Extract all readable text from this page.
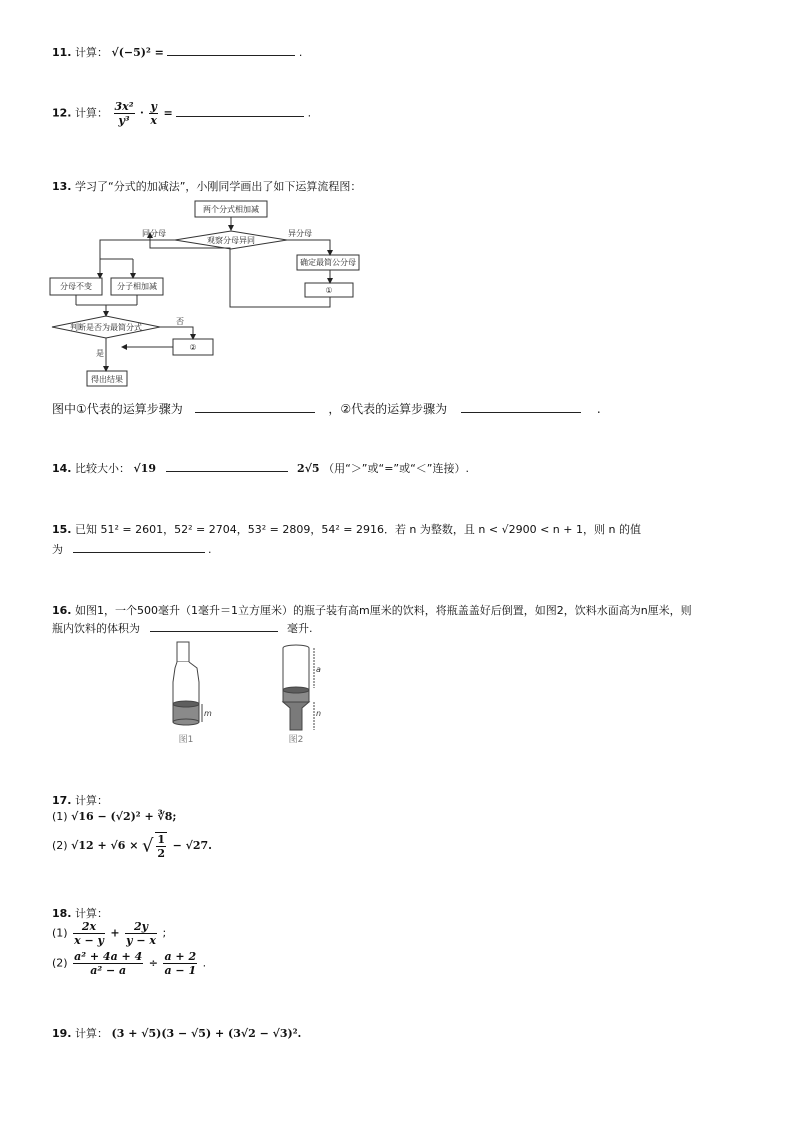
11. 计算： √(−5)² =	.
12. 计算： $\frac{\text{3x²}}{\text{y³}} \cdot \frac{y}{x}$ =	.
13. 学习了“分式的加减法”，小刚同学画出了如下运算流程图：
两个分式相加减
观察分母异同
同分母	异分母
确定最简公分母
①
分母不变	分子相加减
判断是否为最简分式
否
是
②
得出结果
图中①代表的运算步骤为	，②代表的运算步骤为	.
14. 比较大小： √19	2√5 （用“＞”或“=”或“＜”连接）.
15. 已知 51² = 2601，52² = 2704，53² = 2809，54² = 2916．若 n 为整数，且 n < √2900 < n + 1，则 n 的值
为	.
16. 如图1，一个500毫升（1毫升＝1立方厘米）的瓶子装有高m厘米的饮料，将瓶盖盖好后倒置，如图2，饮料水面高为n厘米，则
瓶内饮料的体积为	毫升.
m
a
n
图1	图2
17. 计算：
(1) √16 − (√2)² + ∛8;
(2) √12 + √6 × √ $\frac{1}{2} - √27$.
18. 计算：
$(1) \frac{2x}{x - y} + \frac{2y}{y - x}$ ;
$(2) \frac{\text{a² + 4a + 4}}{\text{a² − a}} \div \frac{a + 2}{a - 1}$ .
19. 计算： (3 + √5)(3 − √5) + (3√2 − √3)².
